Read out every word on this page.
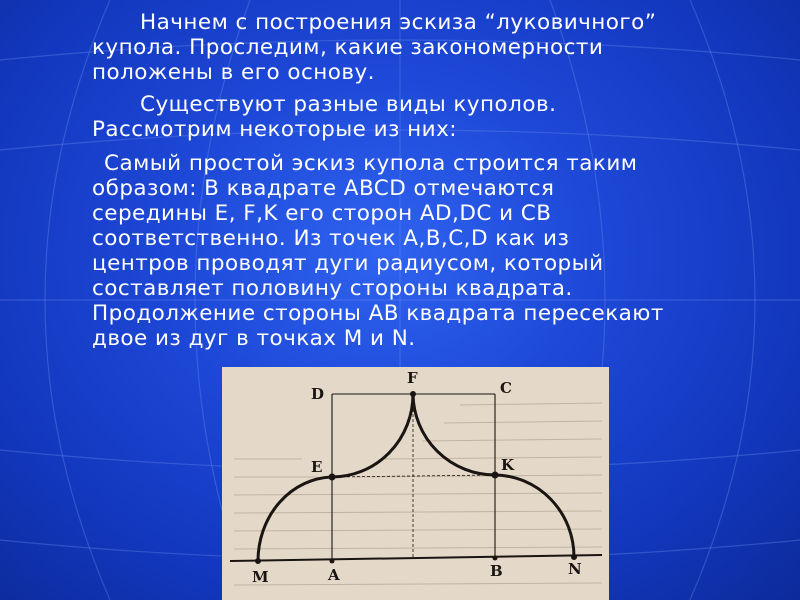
Начнем с построения эскиза “луковичного”
купола. Проследим, какие закономерности
положены в его основу.

Существуют разные виды куполов.
Рассмотрим некоторые из них:

Самый простой эскиз купола строится таким
образом: В квадрате ABCD отмечаются
середины E, F,K его сторон AD,DC и CB
соответственно. Из точек A,B,C,D как из
центров проводят дуги радиусом, который
составляет половину стороны квадрата.
Продолжение стороны AB квадрата пересекают
двое из дуг в точках M и N.

D
F
C
E	K
M	A	B	N
